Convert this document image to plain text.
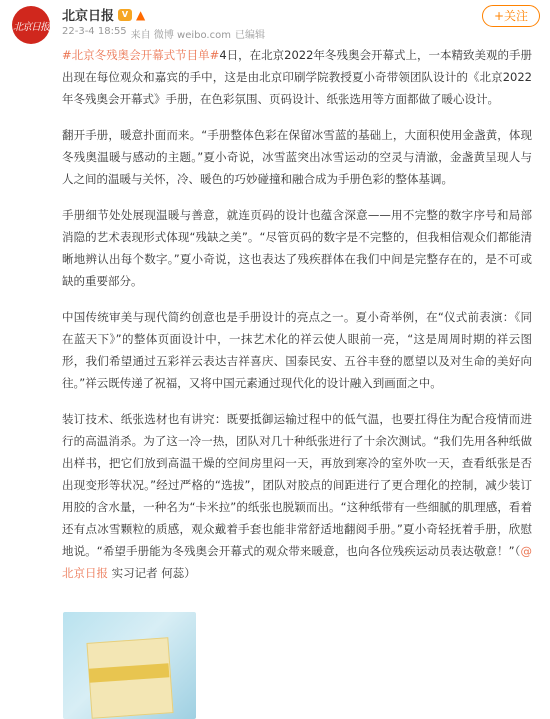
北京日报
北京日报 V ▲
22-3-4 18:55 来自 微博 weibo.com 已编辑
+关注

#北京冬残奥会开幕式节目单#4日，在北京2022年冬残奥会开幕式上，一本精致美观的手册出现在每位观众和嘉宾的手中，这是由北京印刷学院教授夏小奇带领团队设计的《北京2022年冬残奥会开幕式》手册，在色彩氛围、页码设计、纸张选用等方面都做了暖心设计。

翻开手册，暖意扑面而来。“手册整体色彩在保留冰雪蓝的基础上，大面积使用金盏黄，体现冬残奥温暖与感动的主题。”夏小奇说，冰雪蓝突出冰雪运动的空灵与清澈，金盏黄呈现人与人之间的温暖与关怀，冷、暖色的巧妙碰撞和融合成为手册色彩的整体基调。

手册细节处处展现温暖与善意，就连页码的设计也蕴含深意——用不完整的数字序号和局部消隐的艺术表现形式体现“残缺之美”。“尽管页码的数字是不完整的，但我相信观众们都能清晰地辨认出每个数字。”夏小奇说，这也表达了残疾群体在我们中间是完整存在的，是不可或缺的重要部分。

中国传统审美与现代简约创意也是手册设计的亮点之一。夏小奇举例，在“仪式前表演：《同在蓝天下》”的整体页面设计中，一抹艺术化的祥云使人眼前一亮，“这是周周时期的祥云图形，我们希望通过五彩祥云表达吉祥喜庆、国泰民安、五谷丰登的愿望以及对生命的美好向往。”祥云既传递了祝福，又将中国元素通过现代化的设计融入到画面之中。

装订技术、纸张选材也有讲究：既要抵御运输过程中的低气温，也要扛得住为配合疫情而进行的高温消杀。为了这一冷一热，团队对几十种纸张进行了十余次测试。“我们先用各种纸做出样书，把它们放到高温干燥的空间房里闷一天，再放到寒冷的室外吹一天，查看纸张是否出现变形等状况。”经过严格的“选拔”，团队对胶点的间距进行了更合理化的控制，减少装订用胶的含水量，一种名为“卡米拉”的纸张也脱颖而出。“这种纸带有一些细腻的肌理感，看着还有点冰雪颗粒的质感，观众戴着手套也能非常舒适地翻阅手册。”夏小奇轻抚着手册，欣慰地说。“希望手册能为冬残奥会开幕式的观众带来暖意，也向各位残疾运动员表达敬意！”（@北京日报 实习记者 何蕊）
